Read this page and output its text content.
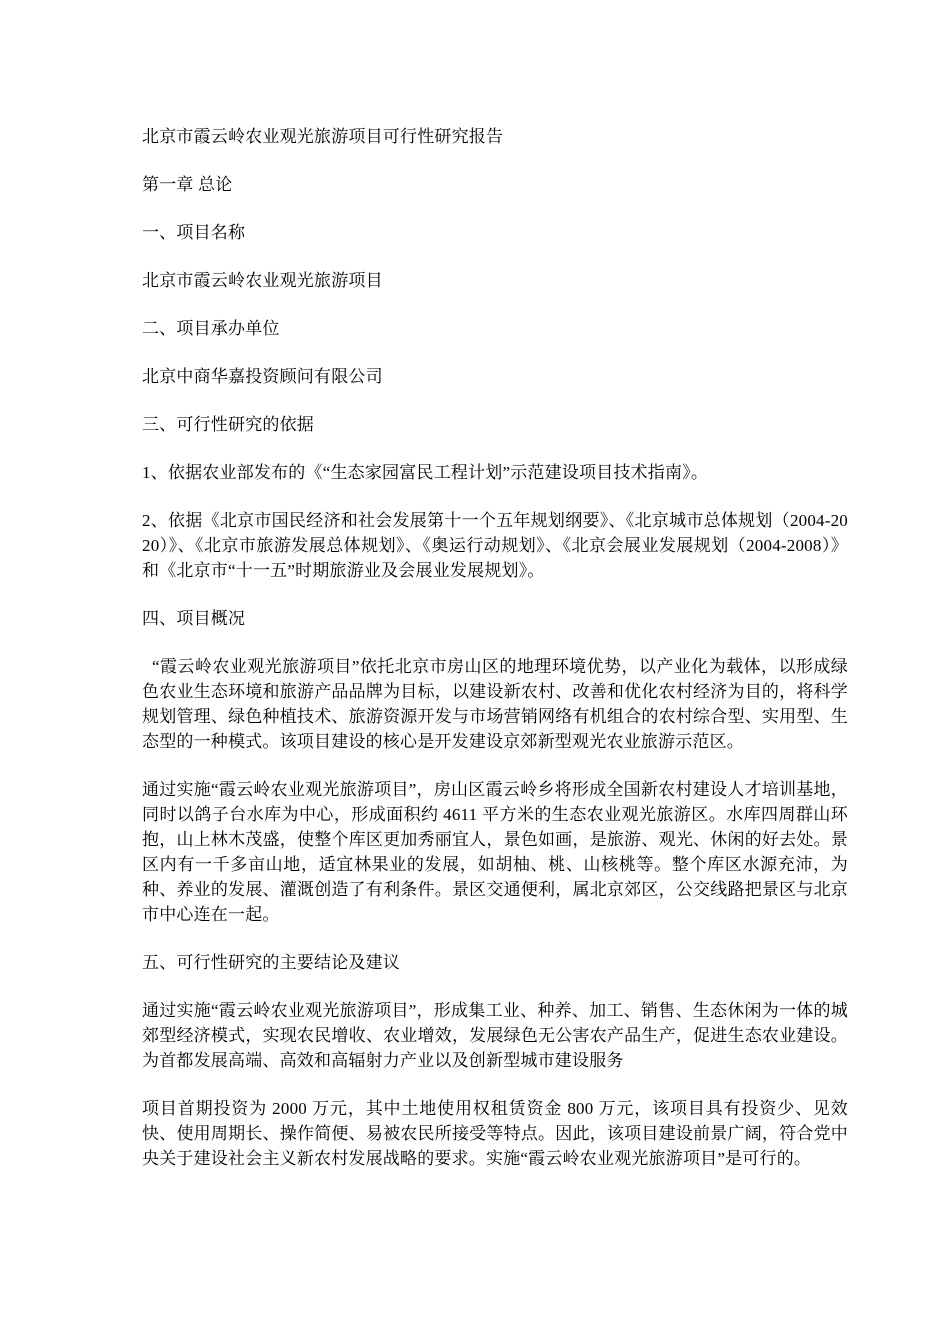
北京市霞云岭农业观光旅游项目可行性研究报告

第一章 总论

一、项目名称

北京市霞云岭农业观光旅游项目

二、项目承办单位

北京中商华嘉投资顾问有限公司

三、可行性研究的依据

1、依据农业部发布的《“生态家园富民工程计划”示范建设项目技术指南》。

2、依据《北京市国民经济和社会发展第十一个五年规划纲要》、《北京城市总体规划（2004-2020）》、《北京市旅游发展总体规划》、《奥运行动规划》、《北京会展业发展规划（2004-2008）》和《北京市“十一五”时期旅游业及会展业发展规划》。

四、项目概况

“霞云岭农业观光旅游项目”依托北京市房山区的地理环境优势，以产业化为载体，以形成绿色农业生态环境和旅游产品品牌为目标，以建设新农村、改善和优化农村经济为目的，将科学规划管理、绿色种植技术、旅游资源开发与市场营销网络有机组合的农村综合型、实用型、生态型的一种模式。该项目建设的核心是开发建设京郊新型观光农业旅游示范区。

通过实施“霞云岭农业观光旅游项目”，房山区霞云岭乡将形成全国新农村建设人才培训基地，同时以鸽子台水库为中心，形成面积约 4611 平方米的生态农业观光旅游区。水库四周群山环抱，山上林木茂盛，使整个库区更加秀丽宜人，景色如画，是旅游、观光、休闲的好去处。景区内有一千多亩山地，适宜林果业的发展，如胡柚、桃、山核桃等。整个库区水源充沛，为种、养业的发展、灌溉创造了有利条件。景区交通便利，属北京郊区，公交线路把景区与北京市中心连在一起。

五、可行性研究的主要结论及建议

通过实施“霞云岭农业观光旅游项目”，形成集工业、种养、加工、销售、生态休闲为一体的城郊型经济模式，实现农民增收、农业增效，发展绿色无公害农产品生产，促进生态农业建设。为首都发展高端、高效和高辐射力产业以及创新型城市建设服务

项目首期投资为 2000 万元，其中土地使用权租赁资金 800 万元，该项目具有投资少、见效快、使用周期长、操作简便、易被农民所接受等特点。因此，该项目建设前景广阔，符合党中央关于建设社会主义新农村发展战略的要求。实施“霞云岭农业观光旅游项目”是可行的。
